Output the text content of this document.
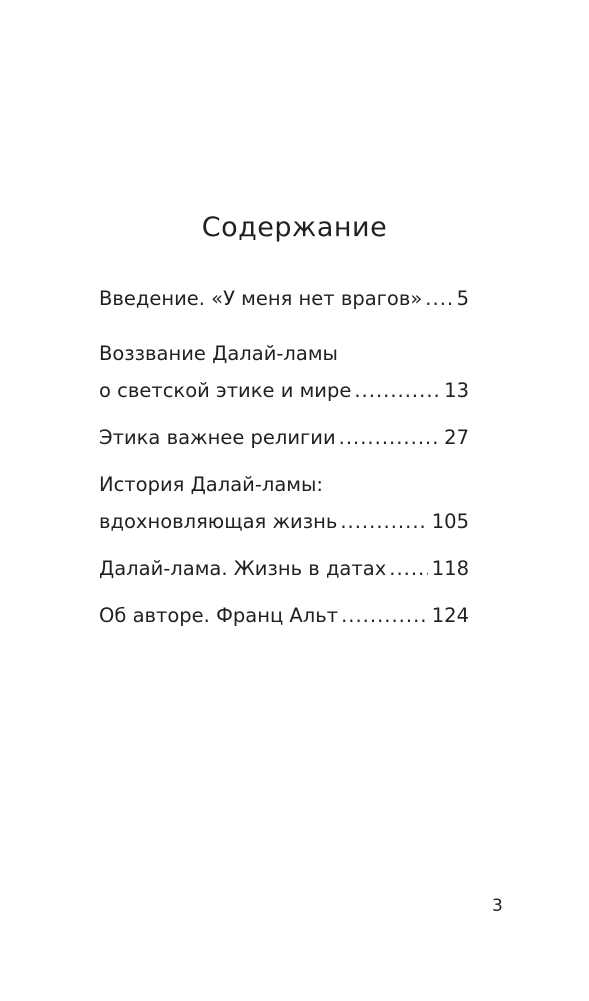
Содержание
Введение. «У меня нет врагов» ..... 5
Воззвание Далай-ламы
о светской этике и мире .....	13
Этика важнее религии .....	27
История Далай-ламы:
вдохновляющая жизнь .....	105
Далай-лама. Жизнь в датах ..... 118
Об авторе. Франц Альт .....	124
3
